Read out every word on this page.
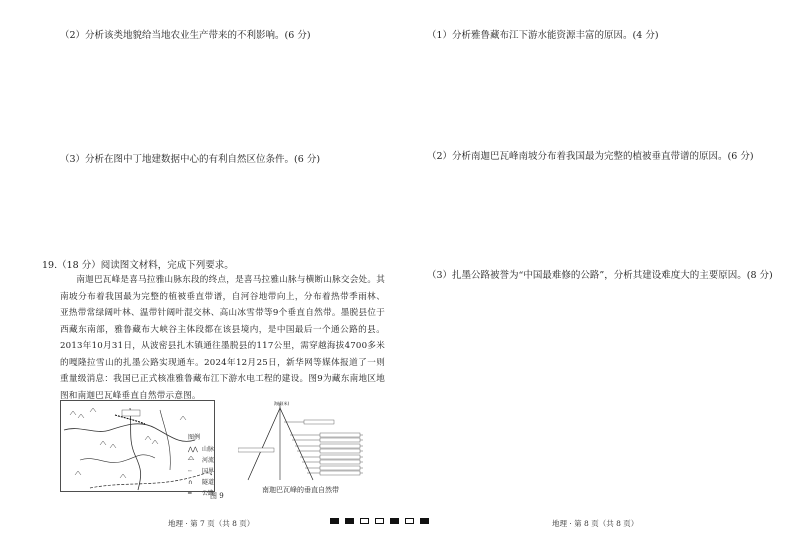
（2）分析该类地貌给当地农业生产带来的不利影响。(6 分)
（3）分析在图中丁地建数据中心的有利自然区位条件。(6 分)
19.（18 分）阅读图文材料，完成下列要求。

南迦巴瓦峰是喜马拉雅山脉东段的终点，是喜马拉雅山脉与横断山脉交会处。其南坡分布着我国最为完整的植被垂直带谱，自河谷地带向上，分布着热带季雨林、亚热带常绿阔叶林、温带针阔叶混交林、高山冰雪带等9个垂直自然带。墨脱县位于西藏东南部，雅鲁藏布大峡谷主体段都在该县境内，是中国最后一个通公路的县。2013年10月31日，从波密县扎木镇通往墨脱县的117公里，需穿越海拔4700多米的嘎隆拉雪山的扎墨公路实现通车。2024年12月25日，新华网等媒体报道了一则重量级消息：我国已正式核准雅鲁藏布江下游水电工程的建设。图9为藏东南地区地图和南迦巴瓦峰垂直自然带示意图。

图例
⋀⋀ 山脉
～ 河流
┄ 国界
∩ 隧道
━ 公路
海拔(米)
图 9
南迦巴瓦峰的垂直自然带
地理 · 第 7 页（共 8 页）
（1）分析雅鲁藏布江下游水能资源丰富的原因。(4 分)
（2）分析南迦巴瓦峰南坡分布着我国最为完整的植被垂直带谱的原因。(6 分)
（3）扎墨公路被誉为“中国最难修的公路”，分析其建设难度大的主要原因。(8 分)
地理 · 第 8 页（共 8 页）
